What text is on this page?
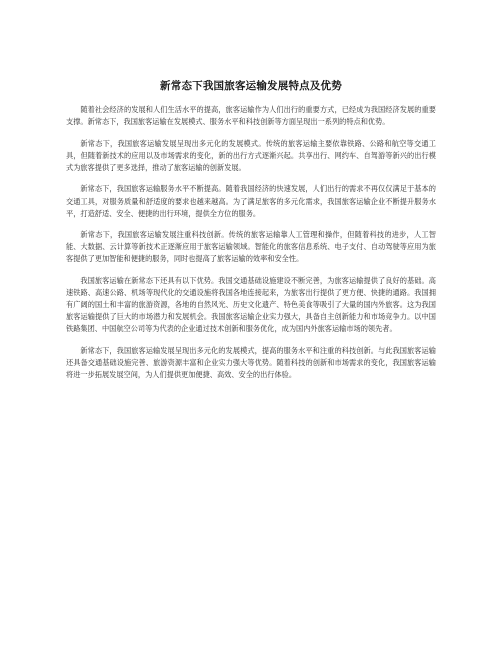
新常态下我国旅客运输发展特点及优势

随着社会经济的发展和人们生活水平的提高，旅客运输作为人们出行的重要方式，已经成为我国经济发展的重要支撑。新常态下，我国旅客运输在发展模式、服务水平和科技创新等方面呈现出一系列的特点和优势。

新常态下，我国旅客运输发展呈现出多元化的发展模式。传统的旅客运输主要依靠铁路、公路和航空等交通工具，但随着新技术的应用以及市场需求的变化，新的出行方式逐渐兴起。共享出行、网约车、自驾游等新兴的出行模式为旅客提供了更多选择，推动了旅客运输的创新发展。

新常态下，我国旅客运输服务水平不断提高。随着我国经济的快速发展，人们出行的需求不再仅仅满足于基本的交通工具，对服务质量和舒适度的要求也越来越高。为了满足旅客的多元化需求，我国旅客运输企业不断提升服务水平，打造舒适、安全、便捷的出行环境，提供全方位的服务。

新常态下，我国旅客运输发展注重科技创新。传统的旅客运输靠人工管理和操作，但随着科技的进步，人工智能、大数据、云计算等新技术正逐渐应用于旅客运输领域。智能化的旅客信息系统、电子支付、自动驾驶等应用为旅客提供了更加智能和便捷的服务，同时也提高了旅客运输的效率和安全性。

我国旅客运输在新常态下还具有以下优势。我国交通基础设施建设不断完善，为旅客运输提供了良好的基础。高速铁路、高速公路、机场等现代化的交通设施将我国各地连接起来，为旅客出行提供了更方便、快捷的通路。我国拥有广阔的国土和丰富的旅游资源，各地的自然风光、历史文化遗产、特色美食等吸引了大量的国内外旅客。这为我国旅客运输提供了巨大的市场潜力和发展机会。我国旅客运输企业实力强大，具备自主创新能力和市场竞争力。以中国铁路集团、中国航空公司等为代表的企业通过技术创新和服务优化，成为国内外旅客运输市场的领先者。

新常态下，我国旅客运输发展呈现出多元化的发展模式，提高的服务水平和注重的科技创新。与此我国旅客运输还具备交通基础设施完善、旅游资源丰富和企业实力强大等优势。随着科技的创新和市场需求的变化，我国旅客运输将进一步拓展发展空间，为人们提供更加便捷、高效、安全的出行体验。
